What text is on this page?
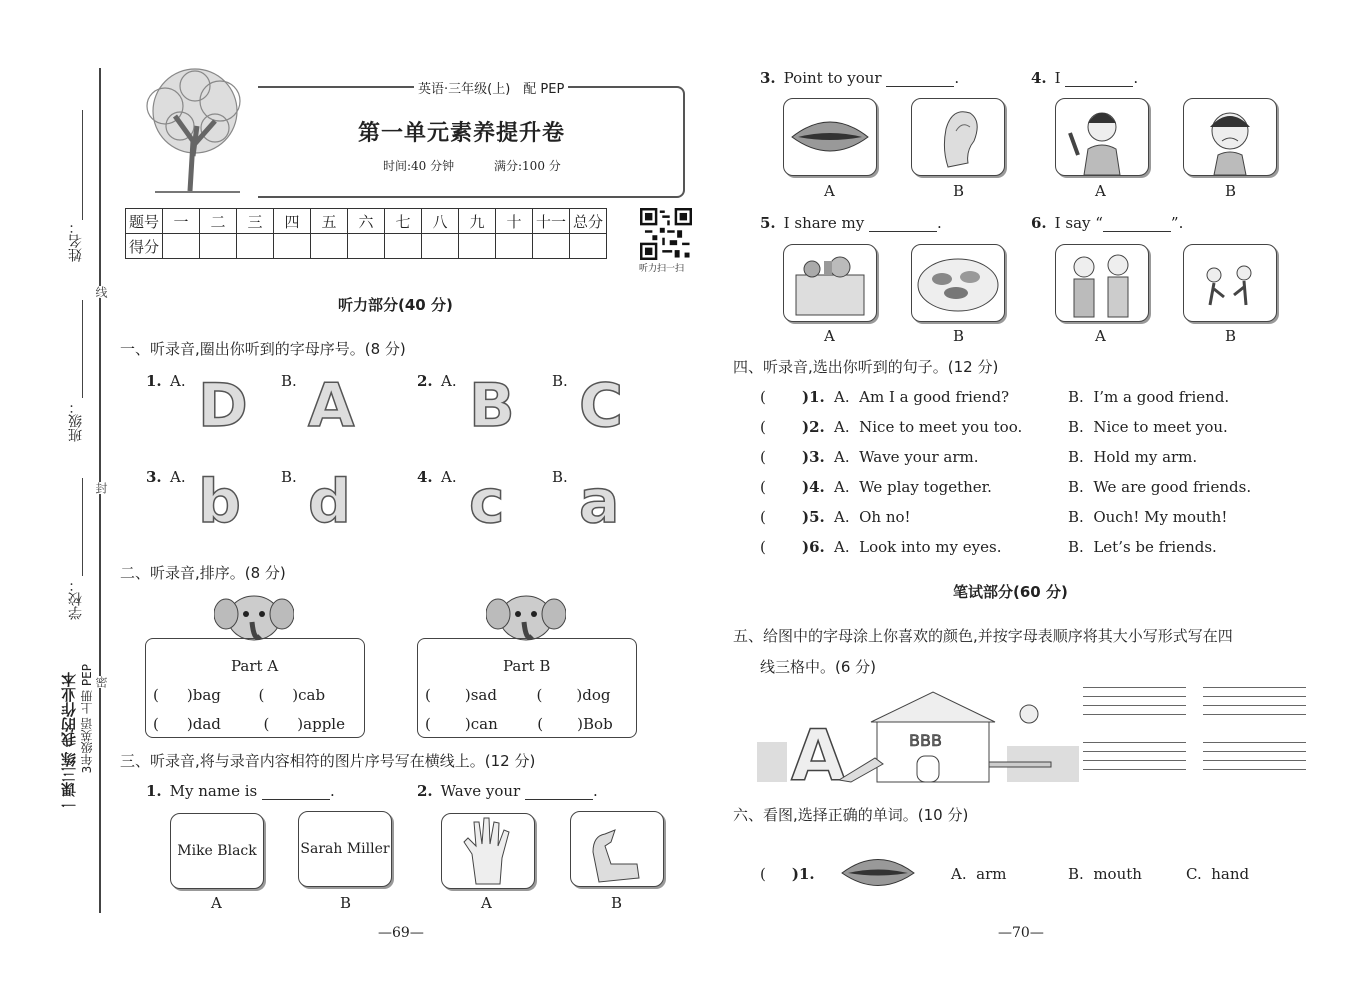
姓名：
线
班级：
封
学校：
密
一课三练 我的作业本 3年级英语 上册 PEP
英语·三年级(上)　配 PEP
第一单元素养提升卷
时间:40 分钟	满分:100 分
题号	一	二	三	四	五	六	七	八	九	十	十一	总分
得分												
听力扫一扫
听力部分(40 分)
一、听录音,圈出你听到的字母序号。(8 分)
1. A. D B. A	2. A. B B. C
3. A. b	B. d	4. A. c	B. a
二、听录音,排序。(8 分)
Part A
( )bag	( )cab
( )dad	( )apple
Part B
( )sad	( )dog
( )can	( )Bob
三、听录音,将与录音内容相符的图片序号写在横线上。(12 分)
1. My name is	.
Mike Black
A
Sarah Miller
B
2. Wave your	.
A	B
—69—
3. Point to your	.	4. I	.
A	B	A	B
5. I share my	.	6. I say “	”.
A	B	A	B
四、听录音,选出你听到的句子。(12 分)
( )1. A.  Am I a good friend?	B.  I’m a good friend.
( )2. A.  Nice to meet you too.	B.  Nice to meet you.
( )3. A.  Wave your arm.	B.  Hold my arm.
( )4. A.  We play together.	B.  We are good friends.
( )5. A.  Oh no!	B.  Ouch! My mouth!
( )6. A.  Look into my eyes.	B.  Let’s be friends.
笔试部分(60 分)
五、给图中的字母涂上你喜欢的颜色,并按字母表顺序将其大小写形式写在四
线三格中。(6 分)
BBB
A
六、看图,选择正确的单词。(10 分)
( )1.	A.  arm	B.  mouth	C.  hand
—70—
